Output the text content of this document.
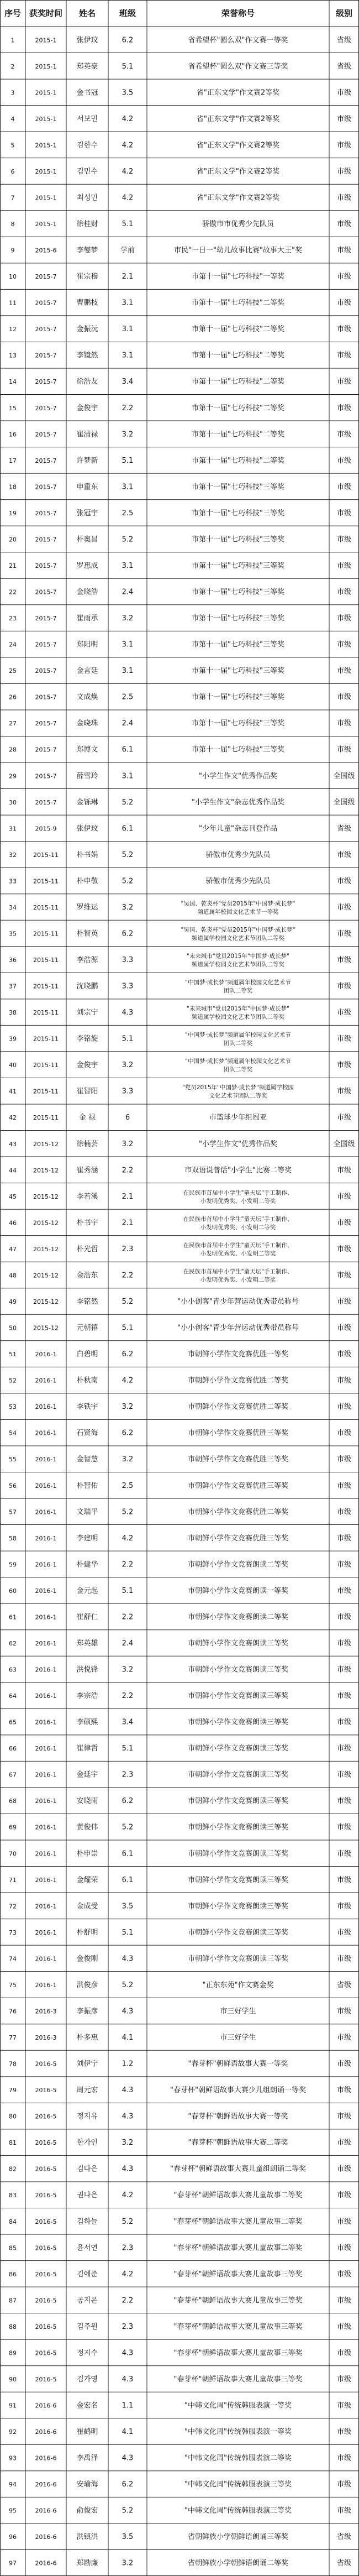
序号 获奖时间 姓名	班级	荣誉称号	级别
1	2015-1	张伊玟	6.2	省希望杯"圆么双"作文赛一等奖	省级
2	2015-1	郑英豪	5.1	省希望杯"圆么双"作文赛三等奖	省级
3	2015-1	金书冠	3.5	省"正东文学"作文赛2等奖	市级
4	2015-1	서보민	4.2	省"正东文学"作文赛2等奖	市级
5	2015-1	김한수	4.2	省"正东文学"作文赛2等奖	市级
6	2015-1	김민수	4.2	省"正东文学"作文赛2等奖	市级
7	2015-1	최성민	4.2	省"正东文学"作文赛2等奖	市级
8	2015-1	徐桂财	5.1	骄傲市市优秀少先队员	市级
9	2015-6	李燮梦	学前	市民"一日一"幼儿故事比赛"故事大王"奖	市级
10	2015-7	崔宗穆	2.1	市第十一届"七巧科技"一等奖	市级
11	2015-7	曹鹏枝	3.1	市第十一届"七巧科技"二等奖	市级
12	2015-7	金振沅	3.1	市第十一届"七巧科技"二等奖	市级
13	2015-7	李镜然	3.1	市第十一届"七巧科技"二等奖	市级
14	2015-7	徐浩友	3.4	市第十一届"七巧科技"二等奖	市级
15	2015-7	金俊宇	2.2	市第十一届"七巧科技"二等奖	市级
16	2015-7	崔清禄	3.2	市第十一届"七巧科技"二等奖	市级
17	2015-7	许梦新	5.1	市第十一届"七巧科技"二等奖	市级
18	2015-7	申重东	3.1	市第十一届"七巧科技"三等奖	市级
19	2015-7	张冠宇	2.5	市第十一届"七巧科技"三等奖	市级
20	2015-7	朴奥昌	5.2	市第十一届"七巧科技"三等奖	市级
21	2015-7	罗惠成	3.1	市第十一届"七巧科技"三等奖	市级
22	2015-7	金晓浩	2.4	市第十一届"七巧科技"三等奖	市级
23	2015-7	崔雨承	3.2	市第十一届"七巧科技"三等奖	市级
24	2015-7	郑阳明	3.1	市第十一届"七巧科技"三等奖	市级
25	2015-7	金言廷	3.1	市第十一届"七巧科技"三等奖	市级
26	2015-7	文成焕	2.5	市第十一届"七巧科技"三等奖	市级
27	2015-7	金晓珠	2.4	市第十一届"七巧科技"三等奖	市级
28	2015-7	郑博文	6.1	市第十一届"七巧科技"三等奖	市级
29	2015-7	薛雪玲	3.1	"小学生作文"优秀作品奖	全国级
30	2015-7	金铄琳	5.2	"小学生作文"杂志优秀作品奖	全国级
31	2015-9	张伊玟	6.1	"少年儿童"杂志刊登作品	省级
32	2015-11	朴书娟	5.2	骄傲市优秀少先队员	市级
33	2015-11	朴申敬	5.2	骄傲市优秀少先队员	市级
34	2015-11	罗维运	3.2	"吴国、乾炎杯"党员2015年"中国梦·成长梦"
频道属年校园文化艺术节一等奖
市级
35	2015-11	朴智英	6.2	"吴国、乾炎杯"党员2015年"中国梦·成长梦"
频道属学校园文化艺术节团队二等奖
市级
36	2015-11	李浩源	3.3	"未来城市"党员2015年"中国梦·成长梦"
频道属学校园文化艺术节团队二等奖
市级
37	2015-11	沈晓鹏	3.3	"中国梦·成长梦"频道属年校园文化艺术节
团队二等奖
市级
38	2015-11	刘宗宁	4.3	"未来城市"党员2015年"中国梦·成长梦"
频道属学校园文化艺术节团队二等奖
市级
39	2015-11	李铭旋	5.1	"中国梦·成长梦"频道属年校园文化艺术节
团队二等奖
市级
40	2015-11	金俊宇	3.2	"中国梦·成长梦"频道属年校园文化艺术节
团队二等奖
市级
41	2015-11	崔智阳	3.3	"党员2015年"中国梦·成长梦"频道属学校园
文化艺术节团队二等奖
市级
42	2015-11	金 禄	6	市篮球少年组冠亚	市级
43	2015-12	徐楠芸	3.2	"小学生作文"优秀作品奖	全国级
44	2015-12	崔秀涵	2.2	市双语说普话"小学生"比赛二等奖	市级
45	2015-12	李若溪	2.1	在民族市首届中小学生"童天坛"手工制作、
小发明优秀奖、小发明二等奖
市级
46	2015-12	朴书宇	2.1	在民族市首届中小学生"童天坛"手工制作、
小发明优秀奖、小发明二等奖
市级
47	2015-12	朴光哲	2.3	在民族市首届中小学生"童天坛"手工制作、
小发明优秀奖、小发明二等奖
市级
48	2015-12	金浩东	2.2	在民族市首届中小学生"童天坛"手工制作、
小发明优秀奖、小发明二等奖
市级
49	2015-12	李铭然	5.2	"小小创客"青少年营运动优秀带员称号	市级
50	2015-12	元朝禧	5.1	"小小创客"青少年营运动优秀带员称号	市级
51	2016-1	白碧明	6.2	市朝鲜小学作文竞赛优胜一等奖	市级
52	2016-1	朴秋南	4.2	市朝鲜小学作文竞赛优胜二等奖	市级
53	2016-1	李铁宇	3.2	市朝鲜小学作文竞赛优胜二等奖	市级
54	2016-1	石贤海	6.2	市朝鲜小学作文竞赛优胜三等奖	市级
55	2016-1	金智慧	3.2	市朝鲜小学作文竞赛优胜三等奖	市级
56	2016-1	朴智佑	2.5	市朝鲜小学作文竞赛优胜三等奖	市级
57	2016-1	文瑞平	5.2	市朝鲜小学作文竞赛优胜二等奖	市级
58	2016-1	李建明	4.2	市朝鲜小学作文竞赛优胜三等奖	市级
59	2016-1	朴建华	2.2	市朝鲜小学作文竞赛朗读二等奖	市级
60	2016-1	金元起	5.1	市朝鲜小学作文竞赛朗读一等奖	市级
61	2016-1	崔舒仁	2.2	市朝鲜小学作文竞赛朗读二等奖	市级
62	2016-1	郑英雄	2.4	市朝鲜小学作文竞赛朗读三等奖	市级
63	2016-1	洪悦锋	3.2	市朝鲜小学作文竞赛朗读三等奖	市级
64	2016-1	李宗浩	2.2	市朝鲜小学作文竞赛朗读三等奖	市级
65	2016-1	李硕熙	3.4	市朝鲜小学作文竞赛朗读三等奖	市级
66	2016-1	崔律哲	5.1	市朝鲜小学作文竞赛朗读三等奖	市级
67	2016-1	金延宇	2.3	市朝鲜小学作文竞赛朗读三等奖	市级
68	2016-1	安晓雨	6.2	市朝鲜小学作文竞赛朗读三等奖	市级
69	2016-1	黄俊伟	5.2	市朝鲜小学作文竞赛朗读三等奖	市级
70	2016-1	朴申崇	6.1	市朝鲜小学作文竞赛朗读三等奖	市级
71	2016-1	金耀荣	6.1	市朝鲜小学作文竞赛朗读三等奖	市级
72	2016-1	金成受	3.5	市朝鲜小学作文竞赛朗读三等奖	市级
73	2016-1	朴舒明	5.1	市朝鲜小学作文竞赛朗读三等奖	市级
74	2016-1	金俊刚	4.3	市朝鲜小学作文竞赛朗读三等奖	市级
75	2016-1	洪俊彦	5.2	"正东东苑"作文赛金奖	省级
76	2016-3	李振彦	4.3	市三好学生	市级
77	2016-3	朴多惠	4.1	市三好学生	市级
78	2016-5	刘伊宁	1.2	"春芽杯"朝鲜语故事大赛一等奖	市级
79	2016-5	周元宏	4.3	"春芽杯"朝鲜语故事大赛少儿组朗诵一等奖	市级
80	2016-5	정지유	4.3	"春芽杯"朝鲜语故事大赛一等奖	市级
81	2016-5	한가인	3.2	"春芽杯"朝鲜语故事大赛二等奖	市级
82	2016-5	김다은	4.3	"春芽杯"朝鲜语故事大赛儿童组朗诵二等奖	市级
83	2016-5	권나은	4.2	"春芽杯"朝鲜语故事大赛儿童故事二等奖	市级
84	2016-5	김하늘	5.2	"春芽杯"朝鲜语故事大赛儿童故事二等奖	市级
85	2016-5	윤서연	2.3	"春芽杯"朝鲜语故事大赛儿童故事二等奖	市级
86	2016-5	김예준	4.2	"春芽杯"朝鲜语故事大赛儿童故事三等奖	市级
87	2016-5	공지은	2.2	"春芽杯"朝鲜语故事大赛儿童故事三等奖	市级
88	2016-5	김주원	2.3	"春芽杯"朝鲜语故事大赛儿童故事三等奖	市级
89	2016-5	정지수	4.3	"春芽杯"朝鲜语故事大赛儿童故事三等奖	市级
90	2016-5	김가영	4.3	"春芽杯"朝鲜语故事大赛儿童故事三等奖	市级
91	2016-6	金宏名	1.1	"中韩文化周"传统韩服表演一等奖	市级
92	2016-6	崔鹤明	4.1	"中韩文化周"传统韩服表演一等奖	市级
93	2016-6	李禹泽	4.3	"中韩文化周"传统韩服表演二等奖	市级
94	2016-6	安瑜海	6.2	"中韩文化周"传统韩服表演三等奖	市级
95	2016-6	俞俊宏	5.2	"中韩文化周"传统韩服表演三等奖	市级
96	2016-6	洪镇洪	3.5	省朝鲜族小学朝鲜语朗诵三等奖	省级
97	2016-6	郑勘廉	3.2	省朝鲜族小学朝鲜语朗诵二等奖	省级
